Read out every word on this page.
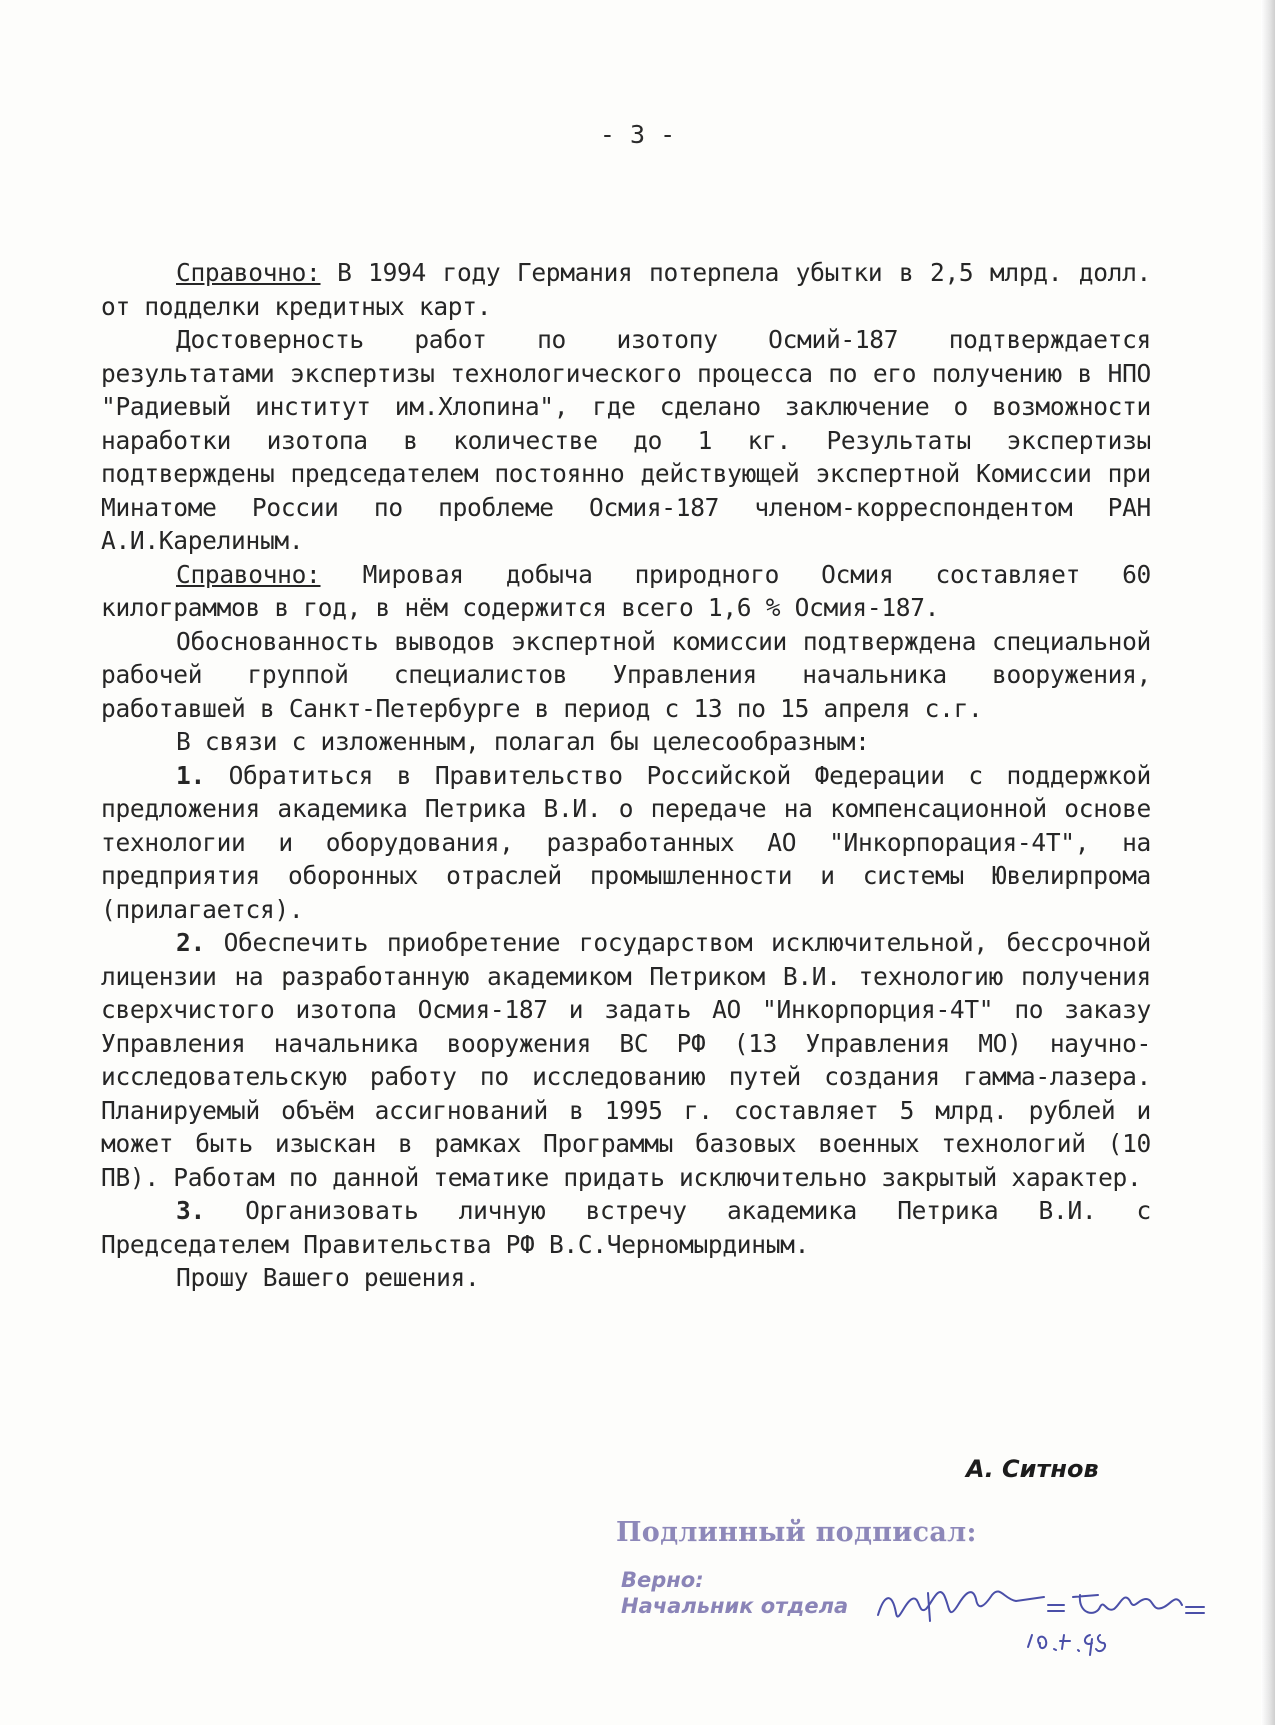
- 3 -

Справочно: В 1994 году Германия потерпела убытки в 2,5 млрд. долл. от подделки кредитных карт.

Достоверность работ по изотопу Осмий-187 подтверждается результатами экспертизы технологического процесса по его получению в НПО "Радиевый институт им.Хлопина", где сделано заключение о возможности наработки изотопа в количестве до 1 кг. Результаты экспертизы подтверждены председателем постоянно действующей экспертной Комиссии при Минатоме России по проблеме Осмия-187 членом-корреспондентом РАН А.И.Карелиным.

Справочно: Мировая добыча природного Осмия составляет 60 килограммов в год, в нём содержится всего 1,6 % Осмия-187.

Обоснованность выводов экспертной комиссии подтверждена специальной рабочей группой специалистов Управления начальника вооружения, работавшей в Санкт-Петербурге в период с 13 по 15 апреля с.г.

В связи с изложенным, полагал бы целесообразным:

1. Обратиться в Правительство Российской Федерации с поддержкой предложения академика Петрика В.И. о передаче на компенсационной основе технологии и оборудования, разработанных АО "Инкорпорация-4Т", на предприятия оборонных отраслей промышленности и системы Ювелирпрома (прилагается).

2. Обеспечить приобретение государством исключительной, бессрочной лицензии на разработанную академиком Петриком В.И. технологию получения сверхчистого изотопа Осмия-187 и задать АО "Инкорпорция-4Т" по заказу Управления начальника вооружения ВС РФ (13 Управления МО) научно-исследовательскую работу по исследованию путей создания гамма-лазера. Планируемый объём ассигнований в 1995 г. составляет 5 млрд. рублей и может быть изыскан в рамках Программы базовых военных технологий (10 ПВ). Работам по данной тематике придать исключительно закрытый характер.

3. Организовать личную встречу академика Петрика В.И. с Председателем Правительства РФ В.С.Черномырдиным.

Прошу Вашего решения.

А. Ситнов
Подлинный подписал:
Верно:
Начальник отдела
